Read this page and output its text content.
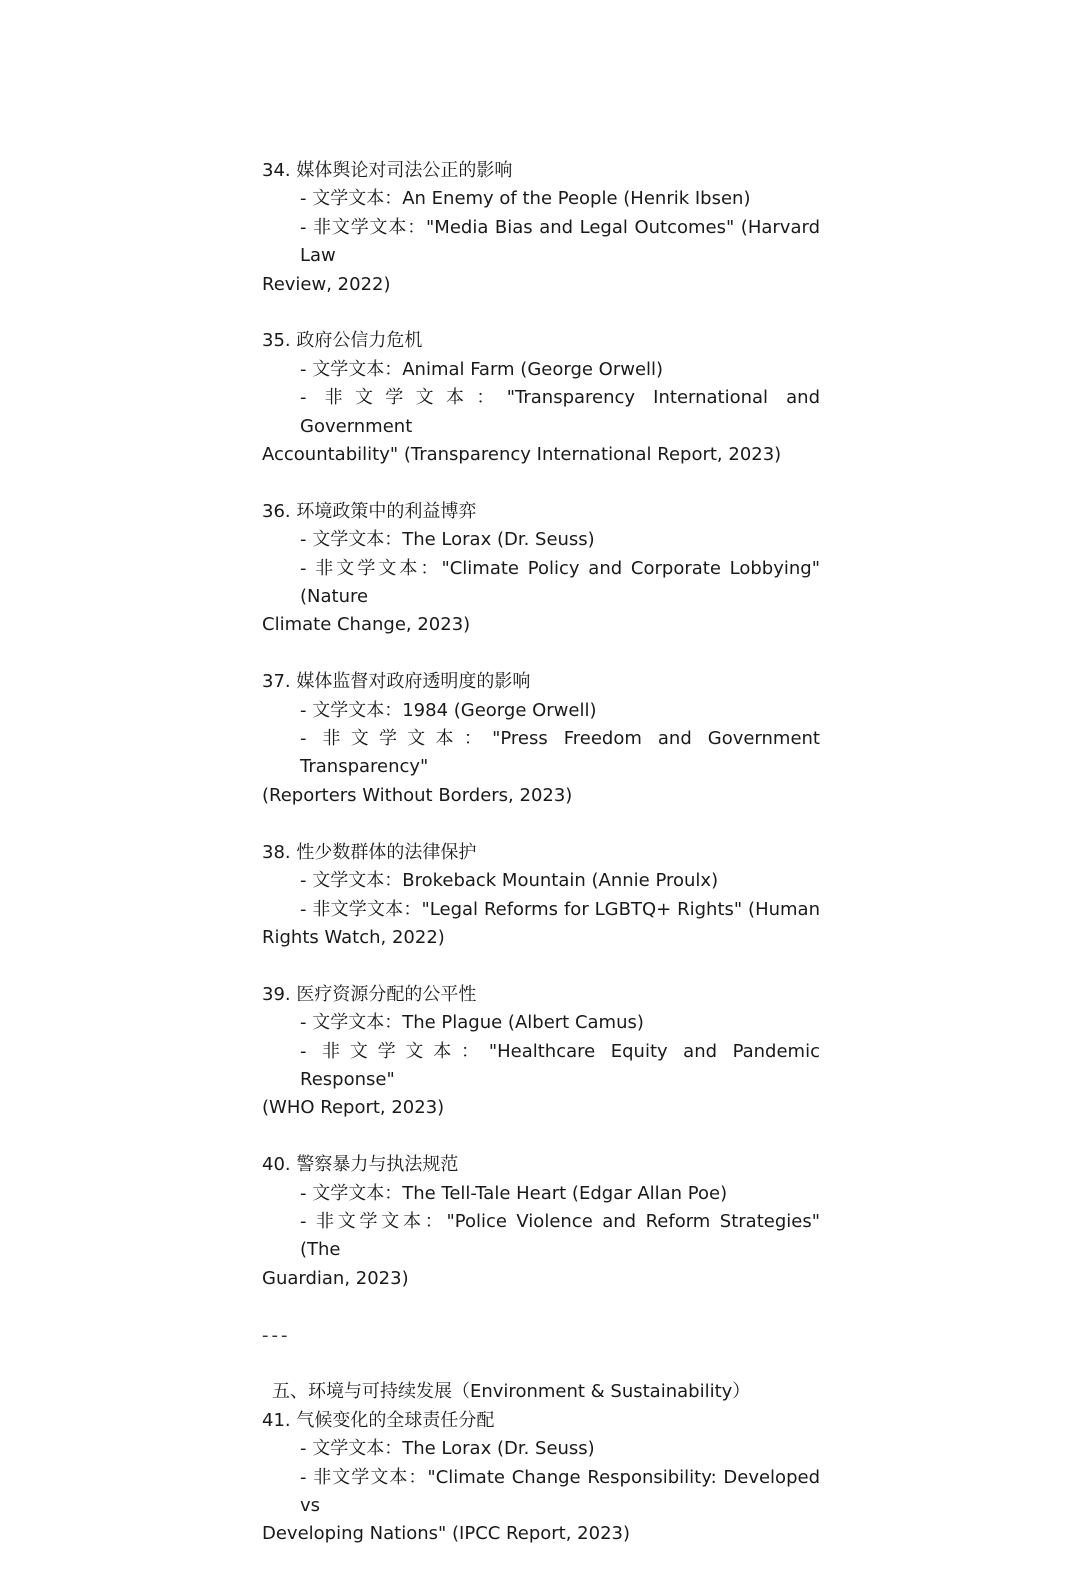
34. 媒体舆论对司法公正的影响
- 文学文本：An Enemy of the People (Henrik Ibsen)
- 非文学文本："Media Bias and Legal Outcomes" (Harvard Law
Review, 2022)
35. 政府公信力危机
- 文学文本：Animal Farm (George Orwell)
- 非文学文本："Transparency International and Government
Accountability" (Transparency International Report, 2023)
36. 环境政策中的利益博弈
- 文学文本：The Lorax (Dr. Seuss)
- 非文学文本："Climate Policy and Corporate Lobbying" (Nature
Climate Change, 2023)
37. 媒体监督对政府透明度的影响
- 文学文本：1984 (George Orwell)
- 非文学文本："Press Freedom and Government Transparency"
(Reporters Without Borders, 2023)
38. 性少数群体的法律保护
- 文学文本：Brokeback Mountain (Annie Proulx)
- 非文学文本："Legal Reforms for LGBTQ+ Rights" (Human
Rights Watch, 2022)
39. 医疗资源分配的公平性
- 文学文本：The Plague (Albert Camus)
- 非文学文本："Healthcare Equity and Pandemic Response"
(WHO Report, 2023)
40. 警察暴力与执法规范
- 文学文本：The Tell-Tale Heart (Edgar Allan Poe)
- 非文学文本："Police Violence and Reform Strategies" (The
Guardian, 2023)
---
五、环境与可持续发展（Environment & Sustainability）
41. 气候变化的全球责任分配
- 文学文本：The Lorax (Dr. Seuss)
- 非文学文本："Climate Change Responsibility: Developed vs
Developing Nations" (IPCC Report, 2023)
